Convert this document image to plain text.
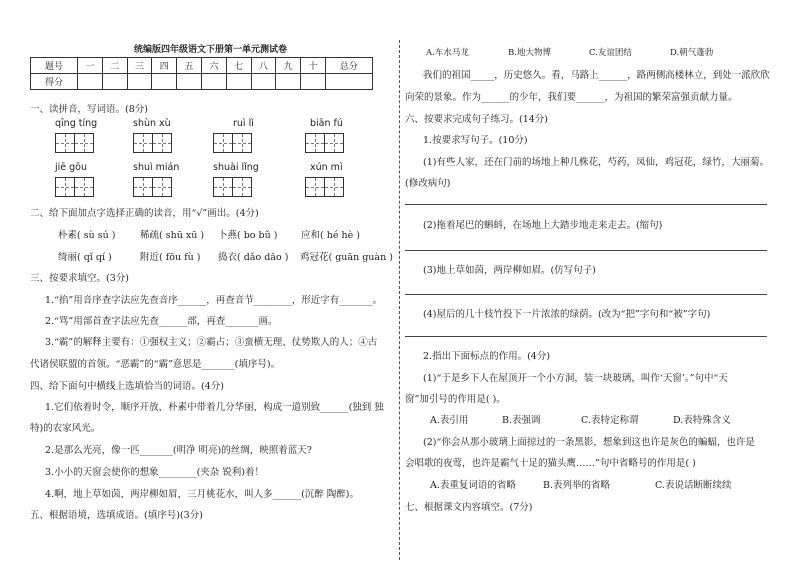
统编版四年级语文下册第一单元测试卷
题号	一	二	三	四	五	六	七	八	九	十	总分
得分											
一、读拼音，写词语。(8分)
qīng tíng	shùn xù	ruì lì	biān fú
jiē gōu	shuì mián	shuài lǐng	xún mì
二、给下面加点字选择正确的读音，用“√”画出。(4分)
朴素( sù sú )	稀疏( shū xū ) 卜燕( bo bǔ ) 应和( hé hè )
绮丽( qǐ qí )	附近( fōu fù ) 捣衣( dǎo dǎo ) 鸡冠花( guān guàn )
三、按要求填空。(3分)
1.“掐”用音序查字法应先查音序______，再查音节________，形近字有_______。
2.“骂”用部首查字法应先查______部，再查_______画。
3.“霸”的解释主要有：①强权主义；②霸占；③蛮横无理、仗势欺人的人；④古
代诸侯联盟的首领。“恶霸”的“霸”意思是_______(填序号)。
四、给下面句中横线上选填恰当的词语。(4分)
1.它们依着时令，顺序开放，朴素中带着几分华丽，构成一道别致______(独到 独
特)的农家风光。
2.是那么光亮，像一匹_______(明净 明亮)的丝绸，映照着蓝天?
3.小小的天窗会使你的想象________(夹杂 锐利)着！
4.啊，地上草如茵，两岸柳如眉，三月桃花水，叫人多______(沉醉 陶醉)。
五、根据语境，选填成语。(填序号)(3分)
A.车水马龙	B.地大物博	C.友谊团结	D.朝气蓬勃
我们的祖国_____，历史悠久。看，马路上______，路两侧高楼林立，到处一派欣欣
向荣的景象。作为______的少年，我们要______，为祖国的繁荣富强贡献力量。
六、按要求完成句子练习。(14分)
1.按要求写句子。(10分)
(1)有些人家，还在门前的场地上种几株花，芍药，凤仙，鸡冠花，绿竹，大丽菊。
(修改病句)
(2)拖着尾巴的蝌蚪，在场地上大踏步地走来走去。(缩句)
(3)地上草如茵，两岸柳如眉。(仿写句子)
(4)屋后的几十枝竹投下一片浓浓的绿荫。(改为“把”字句和“被”字句)
2.指出下面标点的作用。(4分)
(1)“于是乡下人在屋顶开一个小方洞，装一块玻璃，叫作‘天窗’。”句中“天
窗”加引号的作用是( )。
A.表引用	B.表强调	C.表特定称谓	D.表特殊含义
(2)“你会从那小玻璃上面掠过的一条黑影，想象到这也许是灰色的蝙蝠，也许是
会唱歌的夜莺，也许是霸气十足的猫头鹰……”句中省略号的作用是( )
A.表重复词语的省略	B.表列举的省略	C.表说话断断续续
七、根据课文内容填空。(7分)
